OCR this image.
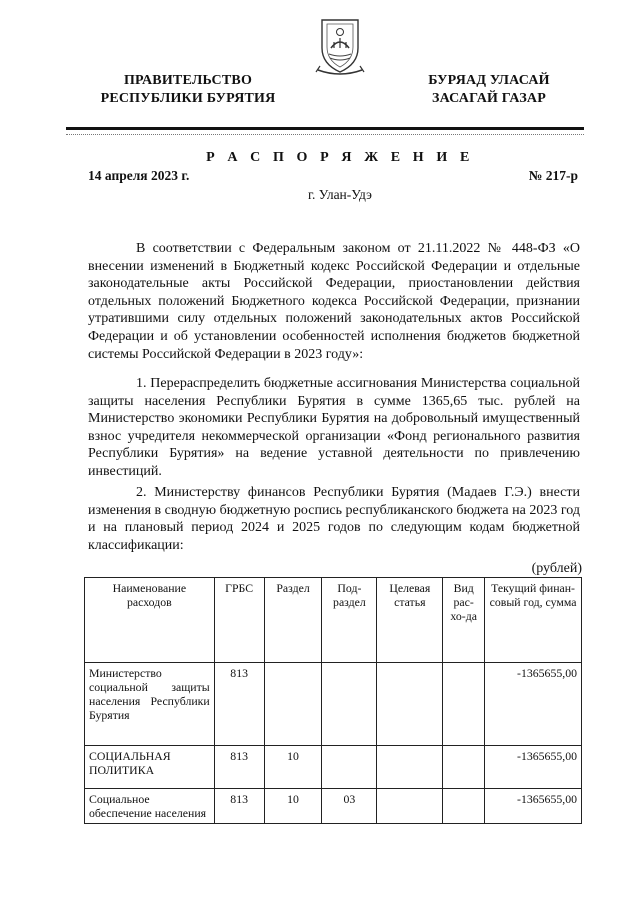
ПРАВИТЕЛЬСТВО
РЕСПУБЛИКИ БУРЯТИЯ
БУРЯАД УЛАСАЙ
ЗАСАГАЙ ГАЗАР
Р А С П О Р Я Ж Е Н И Е
14 апреля 2023 г.	№ 217-р
г. Улан-Удэ

В соответствии с Федеральным законом от 21.11.2022 № 448-ФЗ «О внесении изменений в Бюджетный кодекс Российской Федерации и отдельные законодательные акты Российской Федерации, приостановлении действия отдельных положений Бюджетного кодекса Российской Федерации, признании утратившими силу отдельных положений законодательных актов Российской Федерации и об установлении особенностей исполнения бюджетов бюджетной системы Российской Федерации в 2023 году»:

1. Перераспределить бюджетные ассигнования Министерства социальной защиты населения Республики Бурятия в сумме 1365,65 тыс. рублей на Министерство экономики Республики Бурятия на добровольный имущественный взнос учредителя некоммерческой организации «Фонд регионального развития Республики Бурятия» на ведение уставной деятельности по привлечению инвестиций.

2. Министерству финансов Республики Бурятия (Мадаев Г.Э.) внести изменения в сводную бюджетную роспись республиканского бюджета на 2023 год и на плановый период 2024 и 2025 годов по следующим кодам бюджетной классификации:

(рублей)
Наименование расходов	ГРБС	Раздел	Под-раздел	Целевая статья	Вид рас-хо-да	Текущий финан-совый год, сумма
Министерство социальной защиты населения Республики Бурятия	813					-1365655,00
СОЦИАЛЬНАЯ ПОЛИТИКА	813	10				-1365655,00
Социальное обеспечение населения	813	10	03			-1365655,00
